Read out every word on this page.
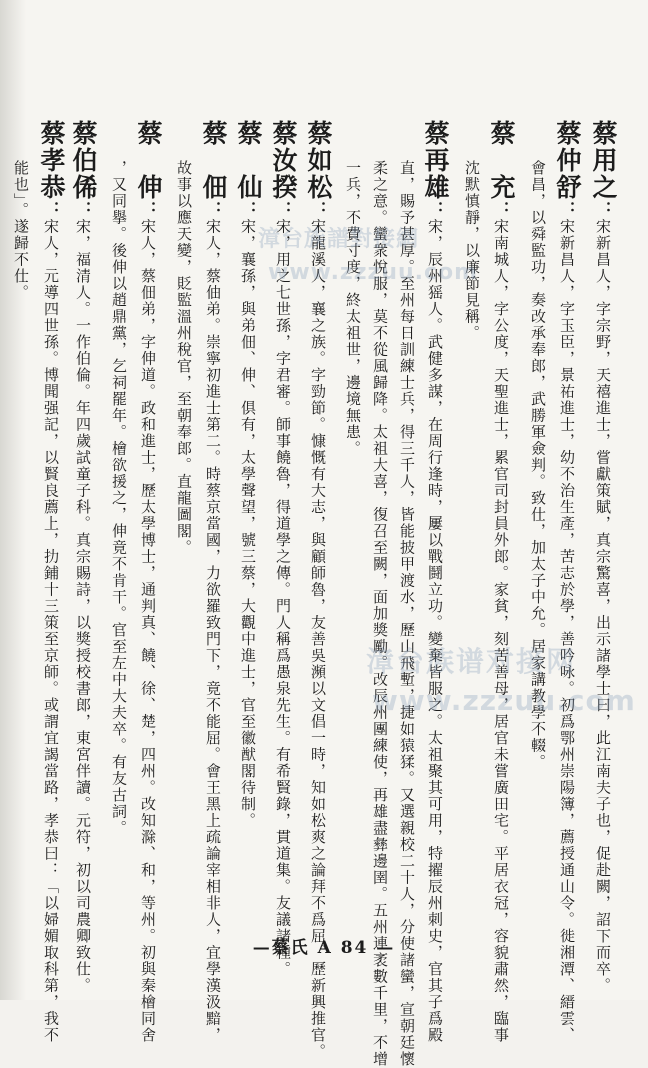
蔡用之：宋新昌人，字宗野，天禧進士，嘗獻策賦，真宗驚喜，出示諸學士曰，此江南夫子也，促赴闕，詔下而卒。
蔡仲舒：宋新昌人，字玉臣，景祐進士，幼不治生產，苦志於學，善吟咏。初爲鄂州崇陽簿，薦授通山令。徙湘潭、縉雲、
會昌，以舜監功，奏改承奉郎，武勝軍僉判。致仕，加太子中允。居家講教學不輟。
蔡　充：宋南城人，字公度，天聖進士，累官司封員外郎。家貧，刻苦善母，居官未嘗廣田宅。平居衣冠，容貌肅然，臨事
沈默慎靜，以廉節見稱。
蔡再雄：宋，辰州猺人。武健多謀，在周行逢時，屢以戰鬪立功。變棄皆服之。太祖聚其可用，特擢辰州刺史，官其子爲殿
直，賜予甚厚。至州每日訓練士兵，得三千人，皆能披甲渡水，歷山飛塹，捷如猿猱。又選親校二十人，分使諸蠻，宣朝廷懷
柔之意。蠻衆悅服，莫不從風歸降。太祖大喜，復召至闕，面加獎勵。改辰州團練使，再雄盡彝邊圉。五州連袤數千里，不增
一兵，不費寸度，終太祖世，邊境無患。
蔡如松：宋龍溪人，襄之族。字勁節。慷慨有大志，與顧師魯，友善吳瀕以文倡一時，知如松爽之論拜不爲屈。歷新興推官。
蔡汝揆：宋，用之七世孫，字君審。師事饒魯，得道學之傳。門人稱爲愚泉先生。有希賢錄，貫道集。友議諸種。
蔡　仙：宋，襄孫，與弟佃、伸、俱有，太學聲望，號三蔡，大觀中進士，官至徽猷閣待制。
蔡　佃：宋人，蔡伷弟。崇寧初進士第二。時蔡京當國，力欲羅致門下，竟不能屈。會王黑上疏論宰相非人，宜學漢汲黯，
故事以應天變，貶監溫州稅官，至朝奉郎。直龍圖閣。
蔡　伸：宋人，蔡佃弟，字伸道。政和進士，歷太學博士，通判真、饒、徐、楚，四州。改知滁、和，等州。初與秦檜同舍
，又同擧。後伸以趙鼎黨，乞祠罷年。檜欲援之，伸竟不肯干。官至左中大夫卒。有友古詞。
蔡伯俙：宋，福清人。一作伯倫。年四歲試童子科。真宗賜詩，以獎授校書郎，東宮伴讀。元符，初以司農卿致仕。
蔡孝恭：宋人，元導四世孫。博聞强記，以賢良薦上，扐鋪十三策至京師。或謂宜謁當路，孝恭曰：「以婦媚取科第，我不
能也」。遂歸不仕。	漳台族譜對接網
www.zzzuu.com
漳台族谱对接网
www.zzzuu.com
—蔡氏 A 84 —
